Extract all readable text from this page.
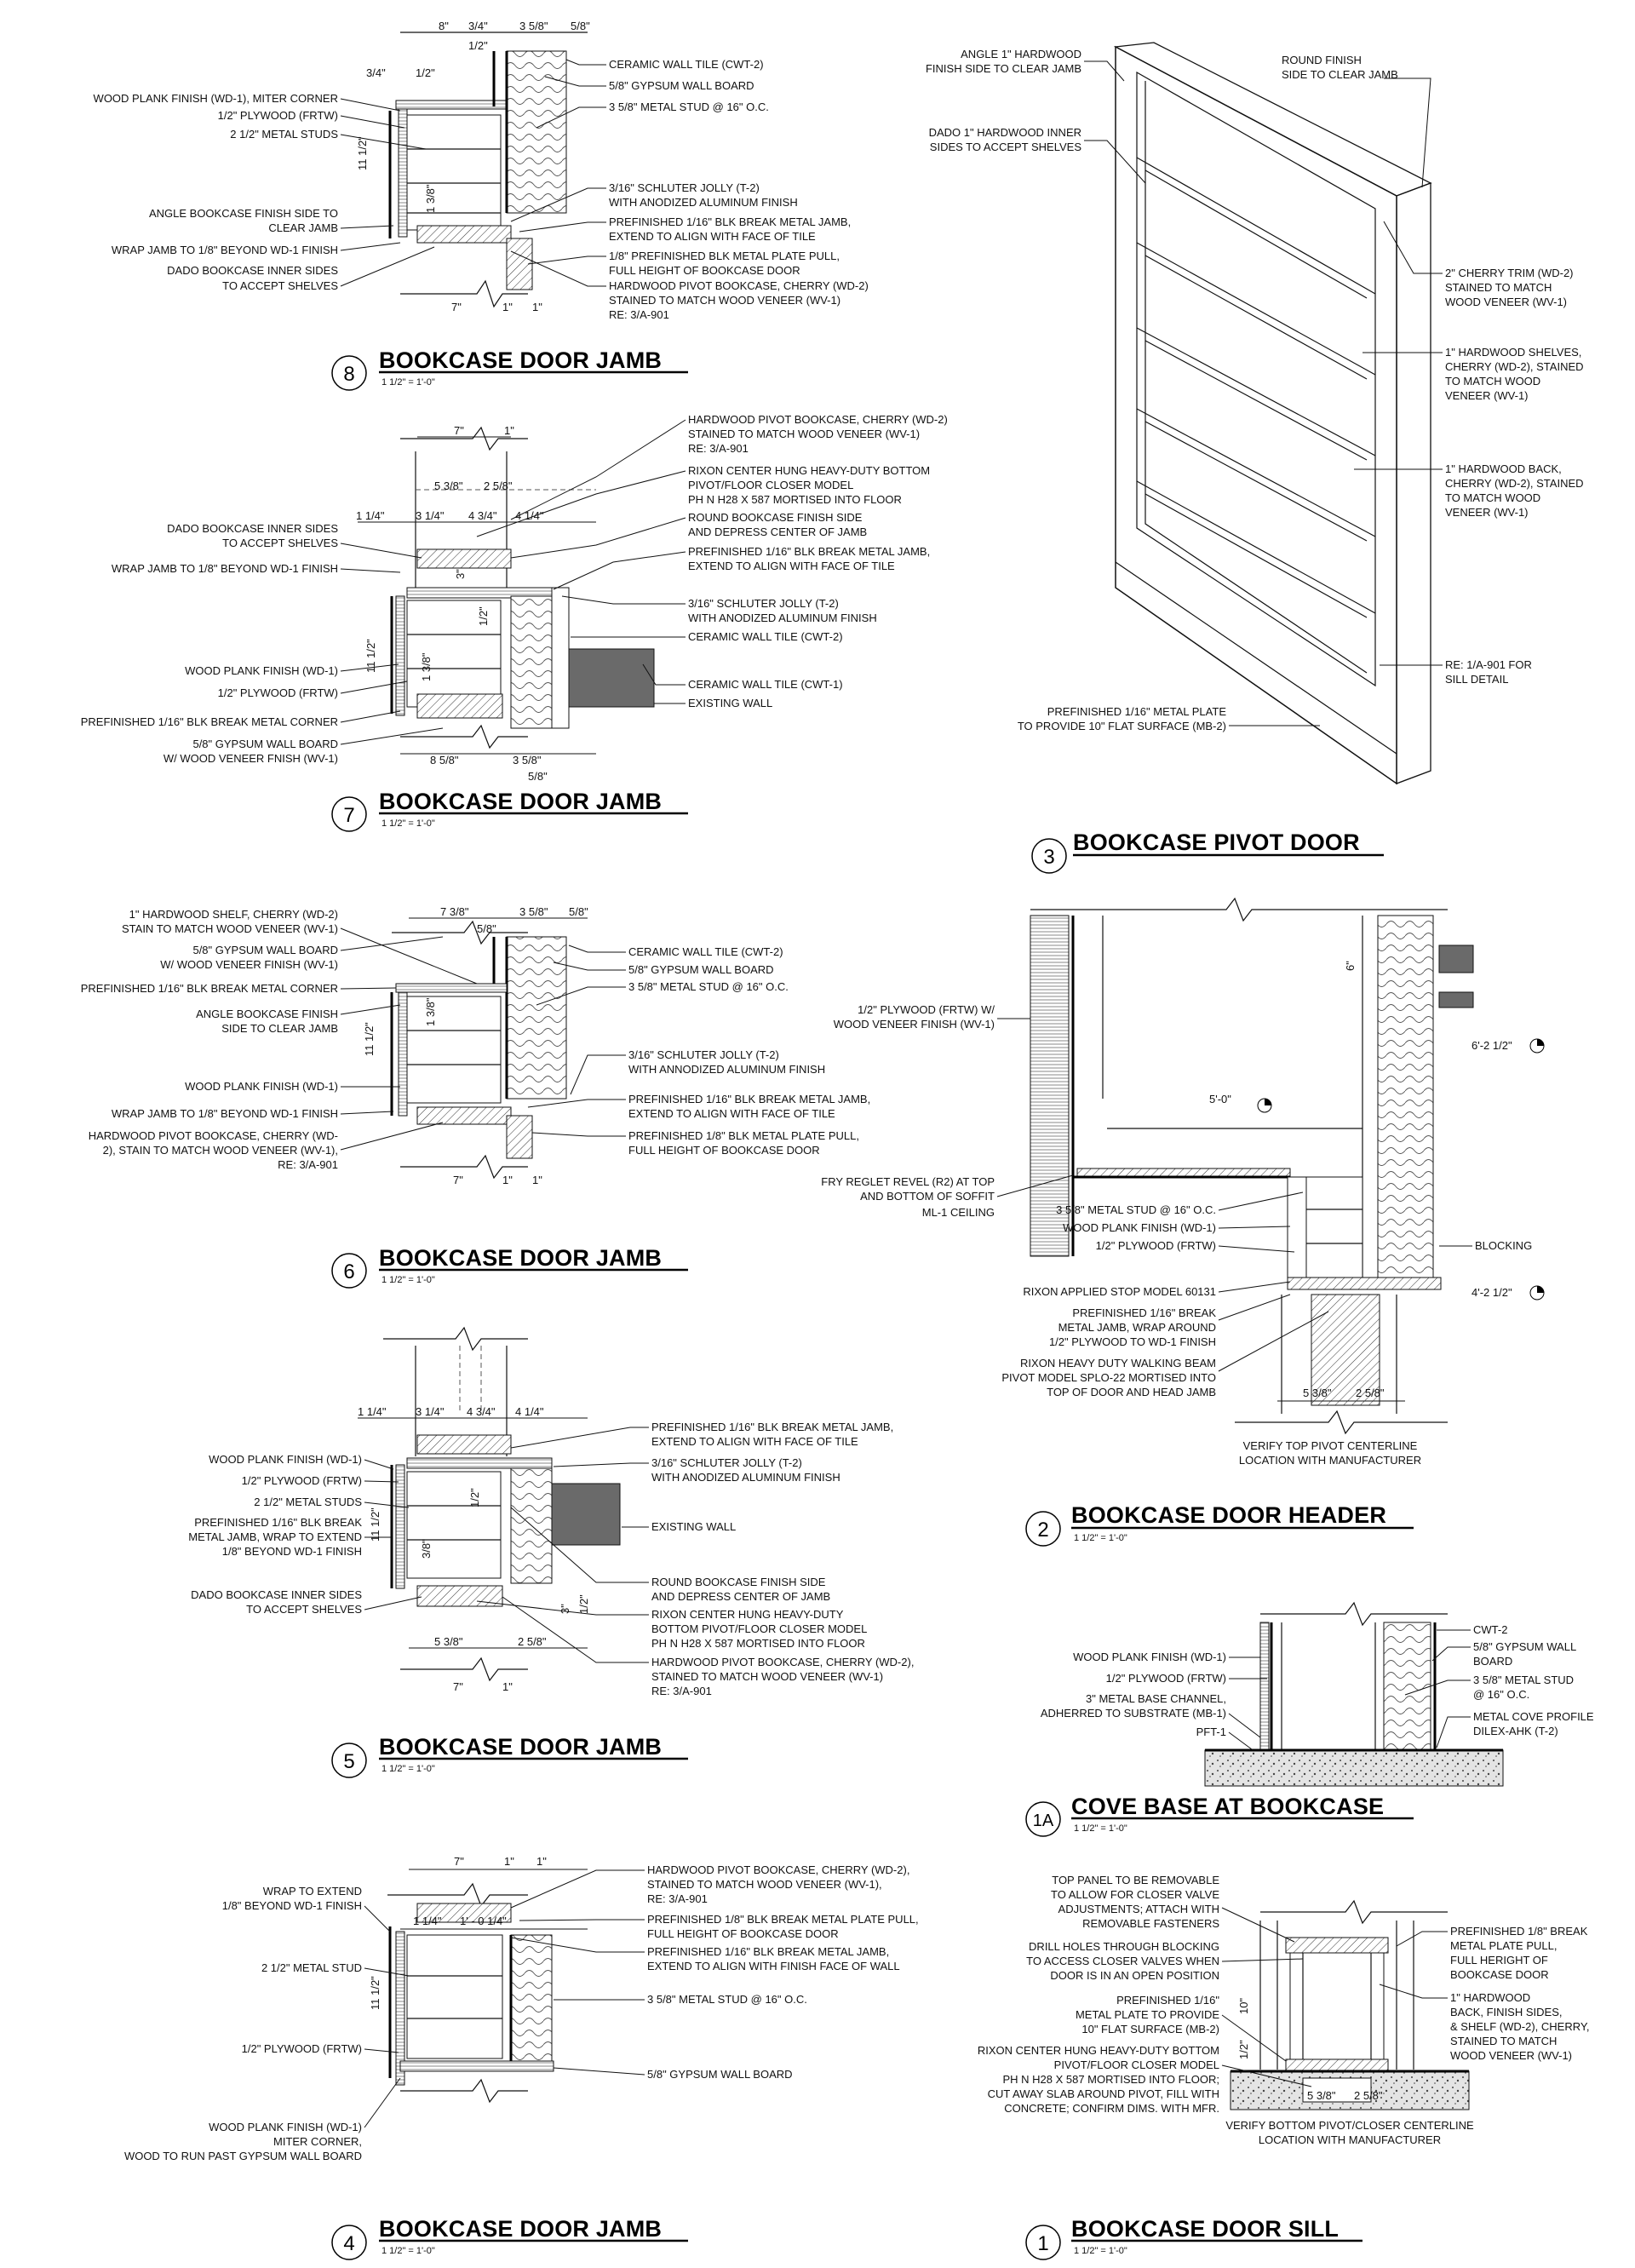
8" 3/4"	3 5/8" 5/8"
1/2"
3/4"	1/2"
11 1/2"
1 3/8"
7"	1" 1"
WOOD PLANK FINISH (WD-1), MITER CORNER
1/2" PLYWOOD (FRTW)
2 1/2" METAL STUDS
ANGLE BOOKCASE FINISH SIDE TO
CLEAR JAMB
WRAP JAMB TO 1/8" BEYOND WD-1 FINISH
DADO BOOKCASE INNER SIDES
TO ACCEPT SHELVES
CERAMIC WALL TILE (CWT-2)
5/8" GYPSUM WALL BOARD
3 5/8" METAL STUD @ 16" O.C.
3/16" SCHLUTER JOLLY (T-2)
WITH ANODIZED ALUMINUM FINISH
PREFINISHED 1/16" BLK BREAK METAL JAMB,
EXTEND TO ALIGN WITH FACE OF TILE
1/8" PREFINISHED BLK METAL PLATE PULL,
FULL HEIGHT OF BOOKCASE DOOR
HARDWOOD PIVOT BOOKCASE, CHERRY (WD-2)
STAINED TO MATCH WOOD VENEER (WV-1)
RE: 3/A-901
8
BOOKCASE DOOR JAMB
1 1/2" = 1'-0"
7"	1"
5 3/8" 2 5/8"
1 1/4"	3 1/4" 4 3/4" 4 1/4"
3"
1/2"
11 1/2"	1 3/8"
8 5/8"	3 5/8"
5/8"
DADO BOOKCASE INNER SIDES
TO ACCEPT SHELVES
WRAP JAMB TO 1/8" BEYOND WD-1 FINISH
WOOD PLANK FINISH (WD-1)
1/2" PLYWOOD (FRTW)
PREFINISHED 1/16" BLK BREAK METAL CORNER
5/8" GYPSUM WALL BOARD
W/ WOOD VENEER FNISH (WV-1)
HARDWOOD PIVOT BOOKCASE, CHERRY (WD-2)
STAINED TO MATCH WOOD VENEER (WV-1)
RE: 3/A-901
RIXON CENTER HUNG HEAVY-DUTY BOTTOM
PIVOT/FLOOR CLOSER MODEL
PH N H28 X 587 MORTISED INTO FLOOR
ROUND BOOKCASE FINISH SIDE
AND DEPRESS CENTER OF JAMB
PREFINISHED 1/16" BLK BREAK METAL JAMB,
EXTEND TO ALIGN WITH FACE OF TILE
3/16" SCHLUTER JOLLY (T-2)
WITH ANODIZED ALUMINUM FINISH
CERAMIC WALL TILE (CWT-2)
CERAMIC WALL TILE (CWT-1)
EXISTING WALL
7
BOOKCASE DOOR JAMB
1 1/2" = 1'-0"
7 3/8"	3 5/8" 5/8"
5/8"
1 3/8"
11 1/2"
7"	1" 1"
1" HARDWOOD SHELF, CHERRY (WD-2)
STAIN TO MATCH WOOD VENEER (WV-1)
5/8" GYPSUM WALL BOARD
W/ WOOD VENEER FINISH (WV-1)
PREFINISHED 1/16" BLK BREAK METAL CORNER
ANGLE BOOKCASE FINISH
SIDE TO CLEAR JAMB
WOOD PLANK FINISH (WD-1)
WRAP JAMB TO 1/8" BEYOND WD-1 FINISH
HARDWOOD PIVOT BOOKCASE, CHERRY (WD-
2), STAIN TO MATCH WOOD VENEER (WV-1),
RE: 3/A-901
CERAMIC WALL TILE (CWT-2)
5/8" GYPSUM WALL BOARD
3 5/8" METAL STUD @ 16" O.C.
3/16" SCHLUTER JOLLY (T-2)
WITH ANNODIZED ALUMINUM FINISH
PREFINISHED 1/16" BLK BREAK METAL JAMB,
EXTEND TO ALIGN WITH FACE OF TILE
PREFINISHED 1/8" BLK METAL PLATE PULL,
FULL HEIGHT OF BOOKCASE DOOR
6
BOOKCASE DOOR JAMB
1 1/2" = 1'-0"
1 1/4"	3 1/4" 4 3/4" 4 1/4"
1/2"
11 1/2"
3/8"
3" 1/2"
5 3/8"	2 5/8"
7"	1"
WOOD PLANK FINISH (WD-1)
1/2" PLYWOOD (FRTW)
2 1/2" METAL STUDS
PREFINISHED 1/16" BLK BREAK
METAL JAMB, WRAP TO EXTEND
1/8" BEYOND WD-1 FINISH
DADO BOOKCASE INNER SIDES
TO ACCEPT SHELVES
PREFINISHED 1/16" BLK BREAK METAL JAMB,
EXTEND TO ALIGN WITH FACE OF TILE
3/16" SCHLUTER JOLLY (T-2)
WITH ANODIZED ALUMINUM FINISH
EXISTING WALL
ROUND BOOKCASE FINISH SIDE
AND DEPRESS CENTER OF JAMB
RIXON CENTER HUNG HEAVY-DUTY
BOTTOM PIVOT/FLOOR CLOSER MODEL
PH N H28 X 587 MORTISED INTO FLOOR
HARDWOOD PIVOT BOOKCASE, CHERRY (WD-2),
STAINED TO MATCH WOOD VENEER (WV-1)
RE: 3/A-901
5
BOOKCASE DOOR JAMB
1 1/2" = 1'-0"
7"	1" 1"
1 1/4" 1' - 0 1/4"
11 1/2"
WRAP TO EXTEND
1/8" BEYOND WD-1 FINISH
2 1/2" METAL STUD
1/2" PLYWOOD (FRTW)
WOOD PLANK FINISH (WD-1)
MITER CORNER,
WOOD TO RUN PAST GYPSUM WALL BOARD
HARDWOOD PIVOT BOOKCASE, CHERRY (WD-2),
STAINED TO MATCH WOOD VENEER (WV-1),
RE: 3/A-901
PREFINISHED 1/8" BLK BREAK METAL PLATE PULL,
FULL HEIGHT OF BOOKCASE DOOR
PREFINISHED 1/16" BLK BREAK METAL JAMB,
EXTEND TO ALIGN WITH FINISH FACE OF WALL
3 5/8" METAL STUD @ 16" O.C.
5/8" GYPSUM WALL BOARD
4
BOOKCASE DOOR JAMB
1 1/2" = 1'-0"
ANGLE 1" HARDWOOD
FINISH SIDE TO CLEAR JAMB
DADO 1" HARDWOOD INNER
SIDES TO ACCEPT SHELVES
PREFINISHED 1/16" METAL PLATE
TO PROVIDE 10" FLAT SURFACE (MB-2)
ROUND FINISH
SIDE TO CLEAR JAMB
2" CHERRY TRIM (WD-2)
STAINED TO MATCH
WOOD VENEER (WV-1)
1" HARDWOOD SHELVES,
CHERRY (WD-2), STAINED
TO MATCH WOOD
VENEER (WV-1)
1" HARDWOOD BACK,
CHERRY (WD-2), STAINED
TO MATCH WOOD
VENEER (WV-1)
RE: 1/A-901 FOR
SILL DETAIL
3
BOOKCASE PIVOT DOOR
6"
6'-2 1/2"
5'-0"
4'-2 1/2"
5 3/8" 2 5/8"
1/2" PLYWOOD (FRTW) W/
WOOD VENEER FINISH (WV-1)
FRY REGLET REVEL (R2) AT TOP
AND BOTTOM OF SOFFIT
ML-1 CEILING	3 5/8" METAL STUD @ 16" O.C.
WOOD PLANK FINISH (WD-1)
1/2" PLYWOOD (FRTW)
RIXON APPLIED STOP MODEL 60131
PREFINISHED 1/16" BREAK
METAL JAMB, WRAP AROUND
1/2" PLYWOOD TO WD-1 FINISH
RIXON HEAVY DUTY WALKING BEAM
PIVOT MODEL SPLO-22 MORTISED INTO
TOP OF DOOR AND HEAD JAMB
BLOCKING
VERIFY TOP PIVOT CENTERLINE
LOCATION WITH MANUFACTURER
2
BOOKCASE DOOR HEADER
1 1/2" = 1'-0"
WOOD PLANK FINISH (WD-1)
1/2" PLYWOOD (FRTW)
3" METAL BASE CHANNEL,
ADHERRED TO SUBSTRATE (MB-1)
PFT-1
CWT-2
5/8" GYPSUM WALL
BOARD
3 5/8" METAL STUD
@ 16" O.C.
METAL COVE PROFILE
DILEX-AHK (T-2)
1A
COVE BASE AT BOOKCASE
1 1/2" = 1'-0"
10"
1/2"
5 3/8" 2 5/8"
TOP PANEL TO BE REMOVABLE
TO ALLOW FOR CLOSER VALVE
ADJUSTMENTS; ATTACH WITH
REMOVABLE FASTENERS
DRILL HOLES THROUGH BLOCKING
TO ACCESS CLOSER VALVES WHEN
DOOR IS IN AN OPEN POSITION
PREFINISHED 1/16"
METAL PLATE TO PROVIDE
10" FLAT SURFACE (MB-2)
RIXON CENTER HUNG HEAVY-DUTY BOTTOM
PIVOT/FLOOR CLOSER MODEL
PH N H28 X 587 MORTISED INTO FLOOR;
CUT AWAY SLAB AROUND PIVOT, FILL WITH
CONCRETE; CONFIRM DIMS. WITH MFR.
PREFINISHED 1/8" BREAK
METAL PLATE PULL,
FULL HERIGHT OF
BOOKCASE DOOR
1" HARDWOOD
BACK, FINISH SIDES,
& SHELF (WD-2), CHERRY,
STAINED TO MATCH
WOOD VENEER (WV-1)
VERIFY BOTTOM PIVOT/CLOSER CENTERLINE
LOCATION WITH MANUFACTURER
1
BOOKCASE DOOR SILL
1 1/2" = 1'-0"
